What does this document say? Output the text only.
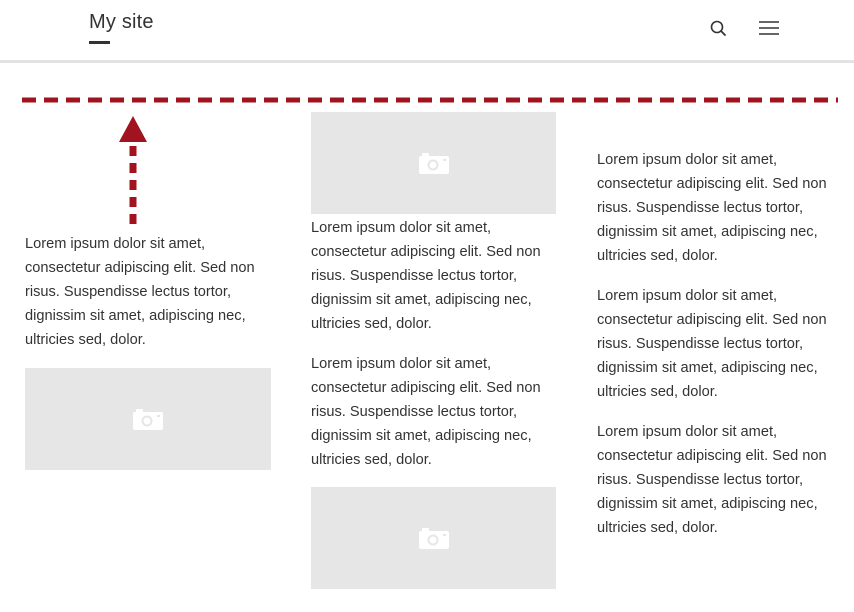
My site

Lorem ipsum dolor sit amet, consectetur adipiscing elit. Sed non risus. Suspendisse lectus tortor, dignissim sit amet, adipiscing nec, ultricies sed, dolor.

Lorem ipsum dolor sit amet, consectetur adipiscing elit. Sed non risus. Suspendisse lectus tortor, dignissim sit amet, adipiscing nec, ultricies sed, dolor.

Lorem ipsum dolor sit amet, consectetur adipiscing elit. Sed non risus. Suspendisse lectus tortor, dignissim sit amet, adipiscing nec, ultricies sed, dolor.

Lorem ipsum dolor sit amet, consectetur adipiscing elit. Sed non risus. Suspendisse lectus tortor, dignissim sit amet, adipiscing nec, ultricies sed, dolor.

Lorem ipsum dolor sit amet, consectetur adipiscing elit. Sed non risus. Suspendisse lectus tortor, dignissim sit amet, adipiscing nec, ultricies sed, dolor.

Lorem ipsum dolor sit amet, consectetur adipiscing elit. Sed non risus. Suspendisse lectus tortor, dignissim sit amet, adipiscing nec, ultricies sed, dolor.
